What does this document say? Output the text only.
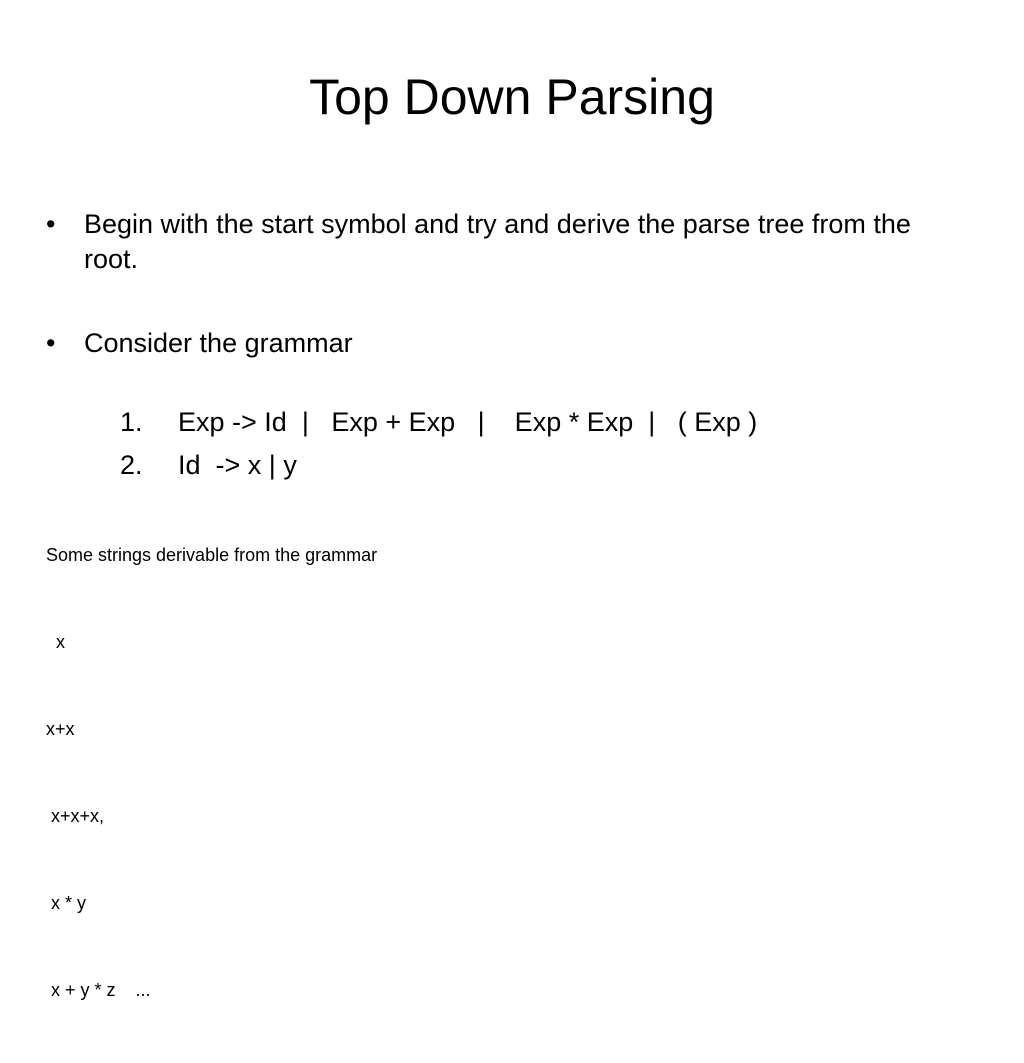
Top Down Parsing
•	Begin with the start symbol and try and derive the parse tree from the root.
•	Consider the grammar

1. Exp -> Id  |   Exp + Exp   |    Exp * Exp  |   ( Exp )

2. Id  -> x | y

Some strings derivable from the grammar

x

x+x

x+x+x,

x * y

x + y * z    ...
